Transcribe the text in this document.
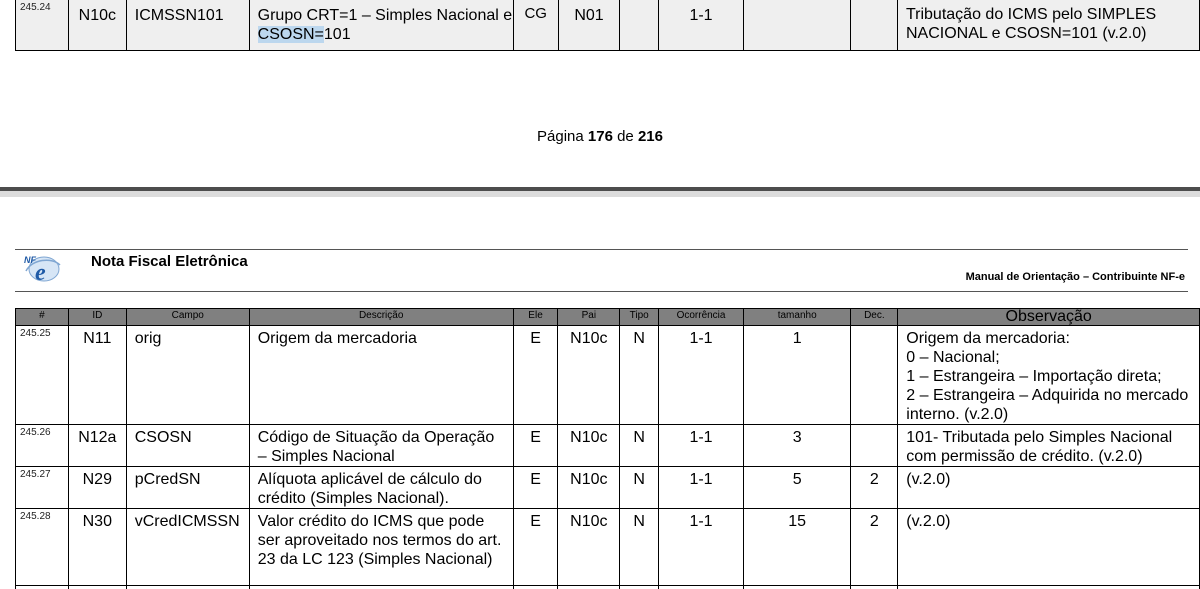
245.24	N10c	ICMSSN101	Grupo CRT=1 – Simples Nacional e CSOSN=101	CG	N01		1-1			Tributação do ICMS pelo SIMPLES NACIONAL e CSOSN=101 (v.2.0)
Página 176 de 216
NF e	Nota Fiscal Eletrônica
Manual de Orientação – Contribuinte NF-e
#	ID	Campo	Descrição	Ele	Pai	Tipo	Ocorrência	tamanho	Dec.	Observação

245.25	N11	orig	Origem da mercadoria	E	N10c	N	1-1	1		Origem da mercadoria:
0 – Nacional;
1 – Estrangeira – Importação direta;
2 – Estrangeira – Adquirida no mercado interno. (v.2.0)

245.26	N12a	CSOSN	Código de Situação da Operação – Simples Nacional	E	N10c	N	1-1	3		101- Tributada pelo Simples Nacional com permissão de crédito. (v.2.0)

245.27	N29	pCredSN	Alíquota aplicável de cálculo do crédito (Simples Nacional).	E	N10c	N	1-1	5	2	(v.2.0)

245.28	N30	vCredICMSSN	Valor crédito do ICMS que pode ser aproveitado nos termos do art. 23 da LC 123 (Simples Nacional)	E	N10c	N	1-1	15	2	(v.2.0)
